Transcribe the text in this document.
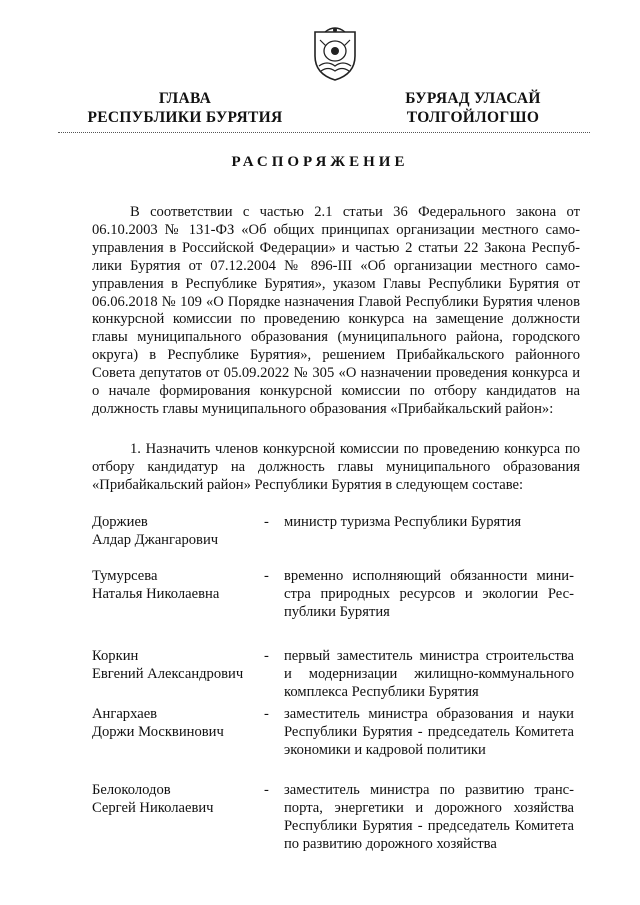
ГЛАВА
РЕСПУБЛИКИ БУРЯТИЯ
БУРЯАД УЛАСАЙ
ТОЛГОЙЛОГШО
РАСПОРЯЖЕНИЕ
В соответствии с частью 2.1 статьи 36 Федерального закона от 06.10.2003 № 131-ФЗ «Об общих принципах организации местного самоуправления в Российской Федерации» и частью 2 статьи 22 Закона Республики Бурятия от 07.12.2004 № 896-III «Об организации местного самоуправления в Республике Бурятия», указом Главы Республики Бурятия от 06.06.2018 № 109 «О Порядке назначения Главой Республики Бурятия членов конкурсной комиссии по проведению конкурса на замещение должности главы муниципального образования (муниципального района, городского округа) в Республике Бурятия», решением Прибайкальского районного Совета депутатов от 05.09.2022 № 305 «О назначении проведения конкурса и о начале формирования конкурсной комиссии по отбору кандидатов на должность главы муниципального образования «Прибайкальский район»:
1. Назначить членов конкурсной комиссии по проведению конкурса по отбору кандидатур на должность главы муниципального образования «Прибайкальский район» Республики Бурятия в следующем составе:
Доржиев
Алдар Джангарович
-	министр туризма Республики Бурятия
Тумурсева
Наталья Николаевна
-	временно исполняющий обязанности министра природных ресурсов и экологии Республики Бурятия
Коркин
Евгений Александрович
-	первый заместитель министра строительства и модернизации жилищно-коммунального комплекса Республики Бурятия
Ангархаев
Доржи Москвинович
-	заместитель министра образования и науки Республики Бурятия - председатель Комитета экономики и кадровой политики
Белоколодов
Сергей Николаевич
-	заместитель министра по развитию транспорта, энергетики и дорожного хозяйства Республики Бурятия - председатель Комитета по развитию дорожного хозяйства
